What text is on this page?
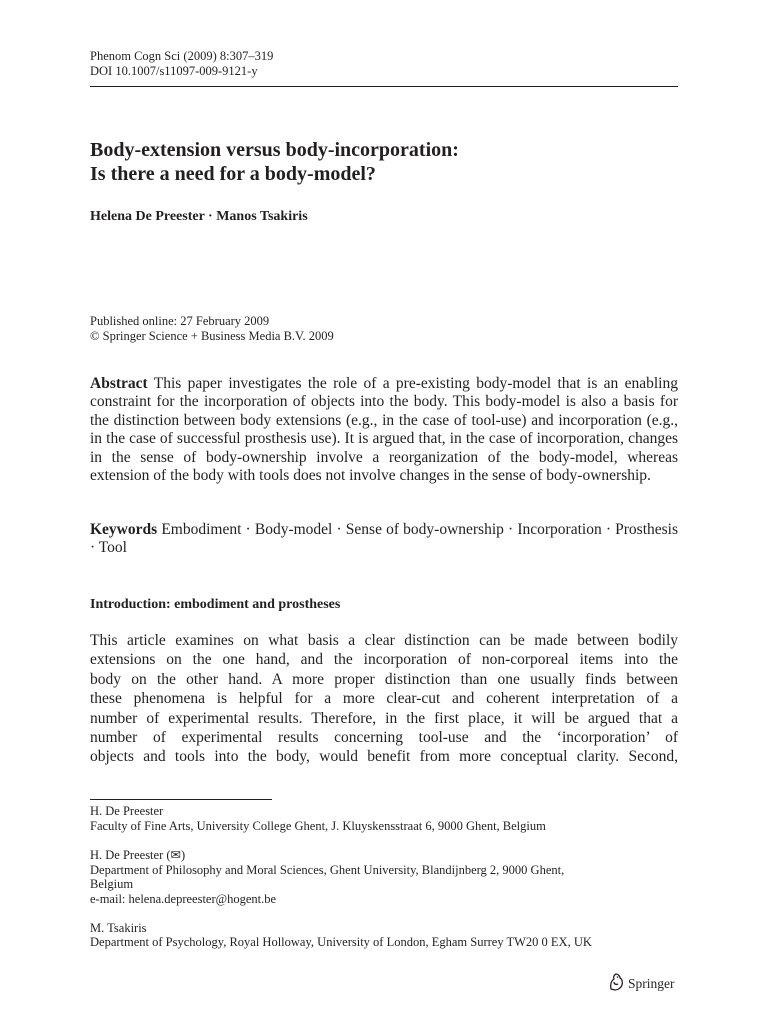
Phenom Cogn Sci (2009) 8:307–319
DOI 10.1007/s11097-009-9121-y
Body-extension versus body-incorporation:
Is there a need for a body-model?
Helena De Preester · Manos Tsakiris
Published online: 27 February 2009
© Springer Science + Business Media B.V. 2009
Abstract This paper investigates the role of a pre-existing body-model that is an enabling constraint for the incorporation of objects into the body. This body-model is also a basis for the distinction between body extensions (e.g., in the case of tool-use) and incorporation (e.g., in the case of successful prosthesis use). It is argued that, in the case of incorporation, changes in the sense of body-ownership involve a reorganization of the body-model, whereas extension of the body with tools does not involve changes in the sense of body-ownership.
Keywords Embodiment · Body-model · Sense of body-ownership · Incorporation · Prosthesis · Tool
Introduction: embodiment and prostheses
This article examines on what basis a clear distinction can be made between bodily
extensions on the one hand, and the incorporation of non-corporeal items into the
body on the other hand. A more proper distinction than one usually finds between
these phenomena is helpful for a more clear-cut and coherent interpretation of a
number of experimental results. Therefore, in the first place, it will be argued that a
number of experimental results concerning tool-use and the ‘incorporation’ of
objects and tools into the body, would benefit from more conceptual clarity. Second,
H. De Preester
Faculty of Fine Arts, University College Ghent, J. Kluyskensstraat 6, 9000 Ghent, Belgium
H. De Preester (✉)
Department of Philosophy and Moral Sciences, Ghent University, Blandijnberg 2, 9000 Ghent,
Belgium
e-mail: helena.depreester@hogent.be
M. Tsakiris
Department of Psychology, Royal Holloway, University of London, Egham Surrey TW20 0 EX, UK
Springer
